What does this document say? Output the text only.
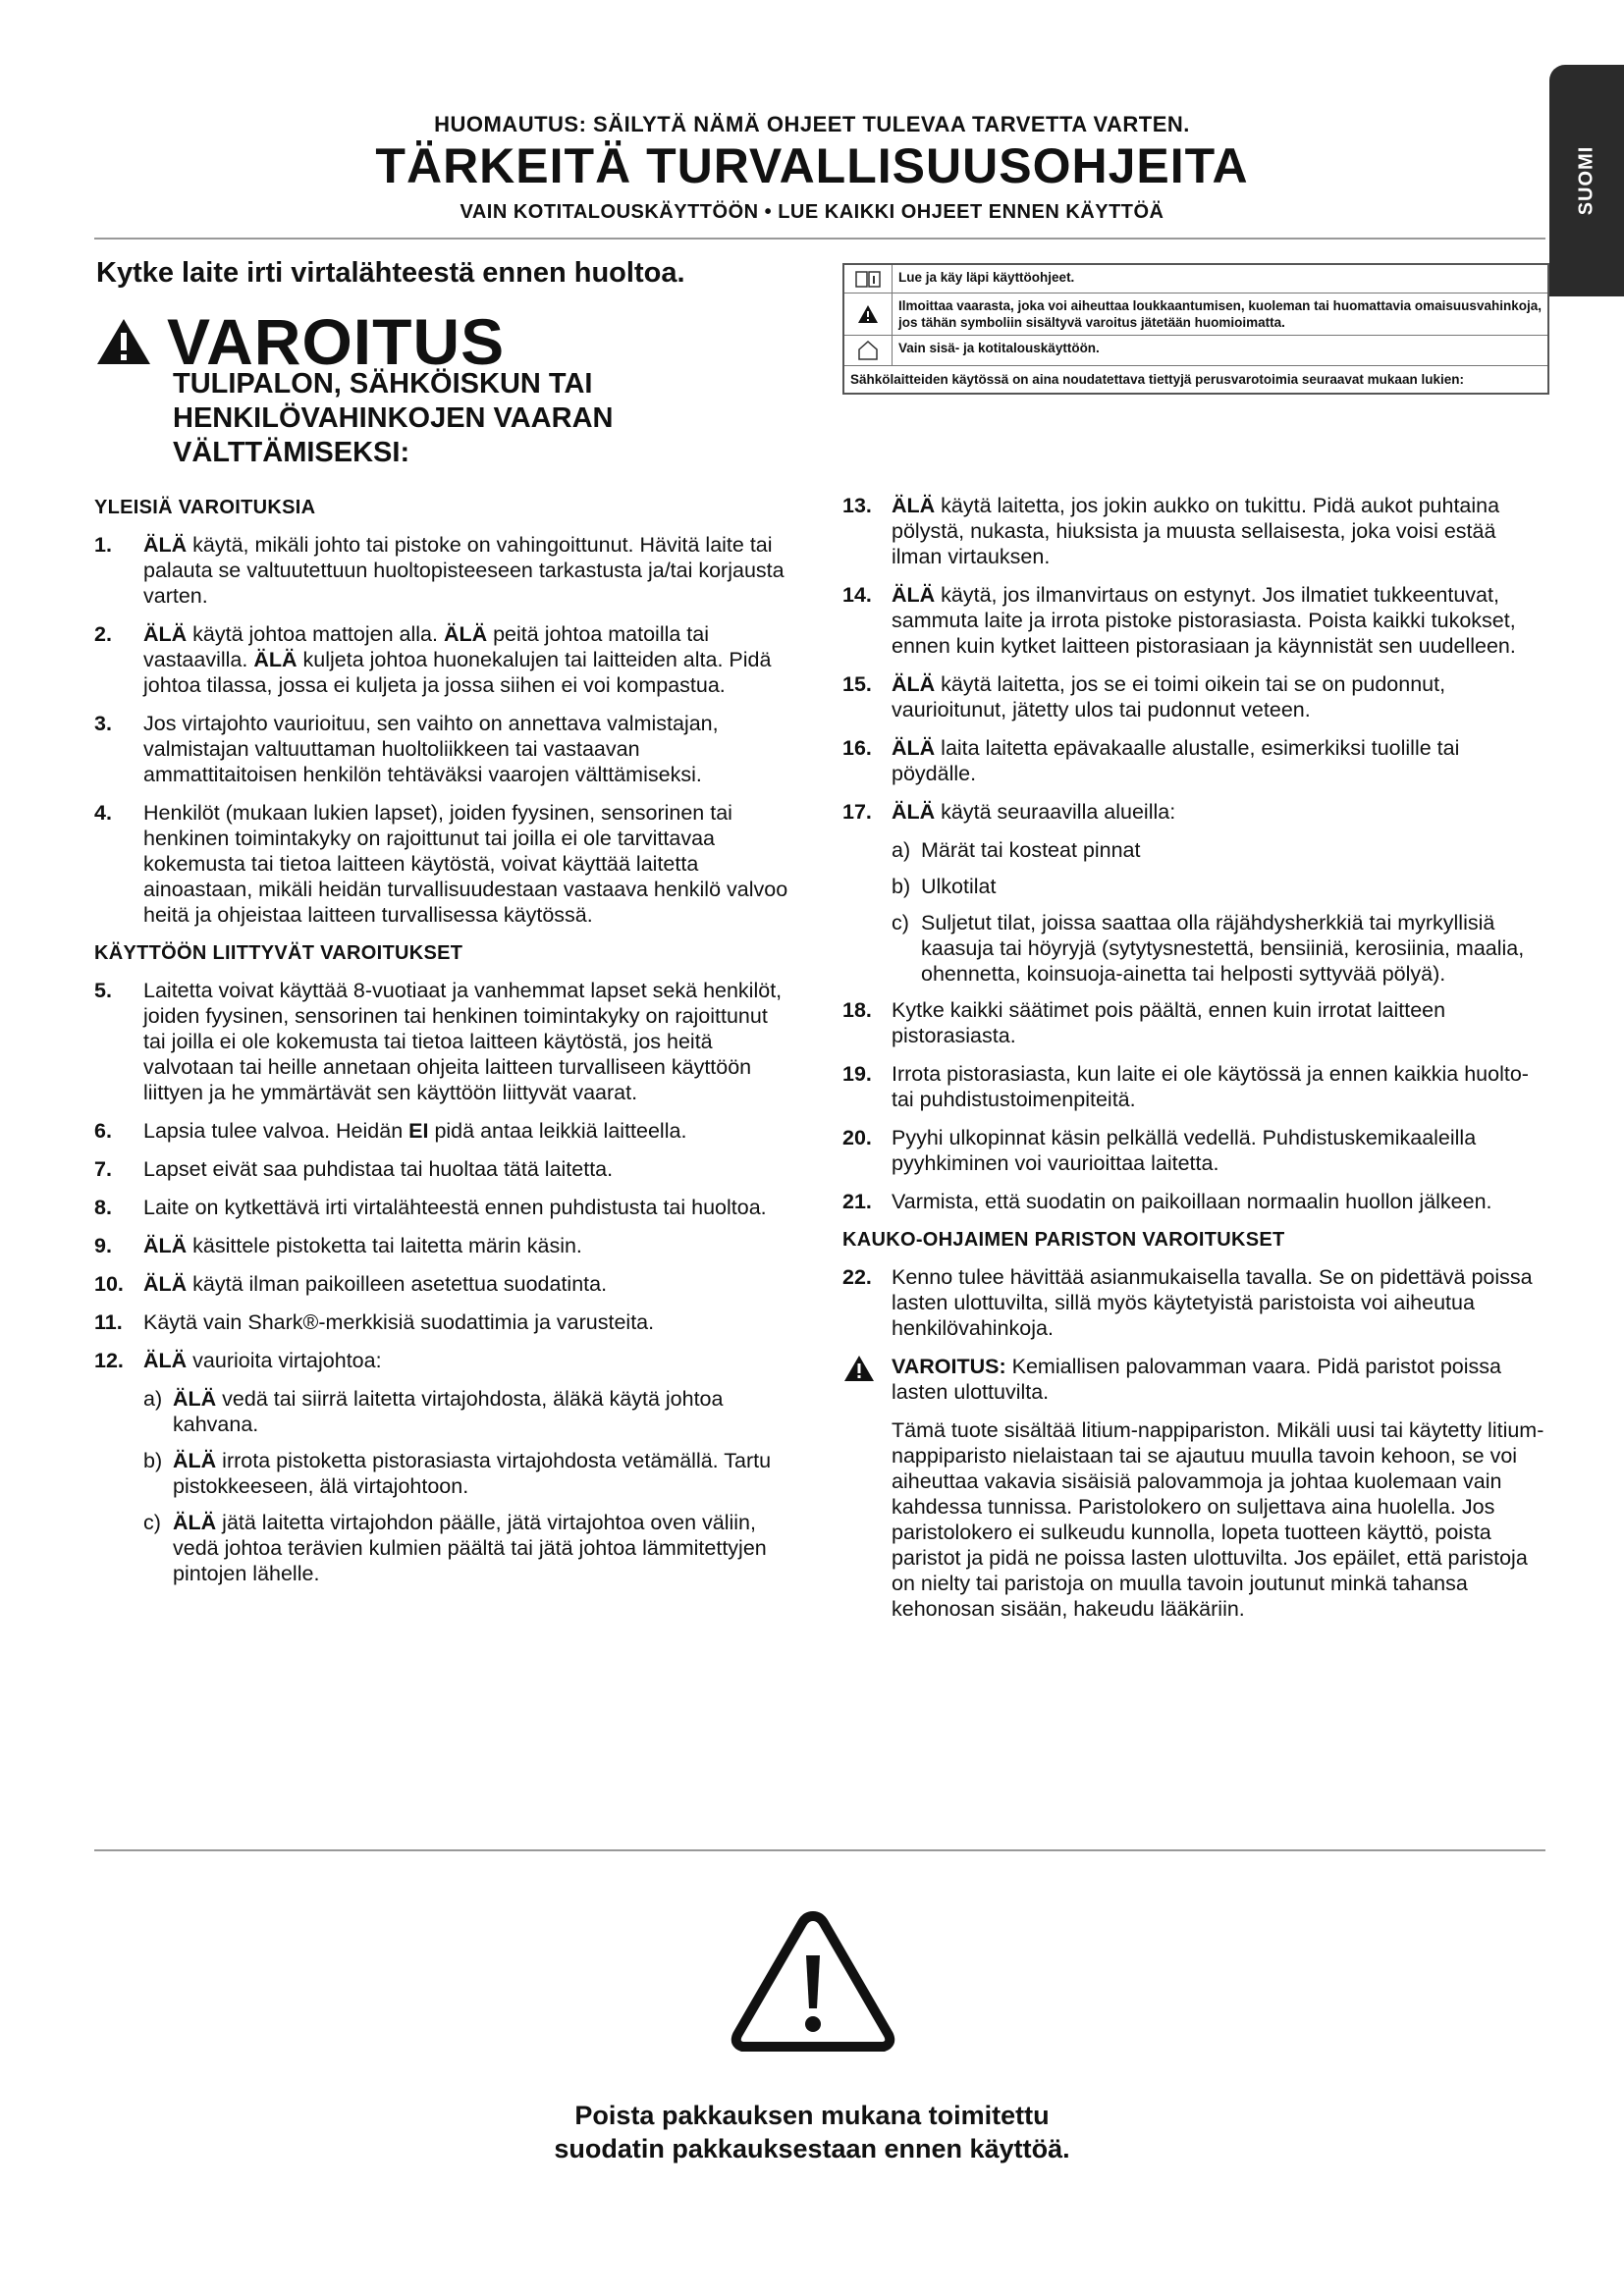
SUOMI
HUOMAUTUS: SÄILYTÄ NÄMÄ OHJEET TULEVAA TARVETTA VARTEN.
TÄRKEITÄ TURVALLISUUSOHJEITA
VAIN KOTITALOUSKÄYTTÖÖN • LUE KAIKKI OHJEET ENNEN KÄYTTÖÄ
Kytke laite irti virtalähteestä ennen huoltoa.
VAROITUS
TULIPALON, SÄHKÖISKUN TAI HENKILÖVAHINKOJEN VAARAN VÄLTTÄMISEKSI:
Lue ja käy läpi käyttöohjeet.
Ilmoittaa vaarasta, joka voi aiheuttaa loukkaantumisen, kuoleman tai huomattavia omaisuusvahinkoja, jos tähän symboliin sisältyvä varoitus jätetään huomioimatta.
Vain sisä- ja kotitalouskäyttöön.
Sähkölaitteiden käytössä on aina noudatettava tiettyjä perusvarotoimia seuraavat mukaan lukien:
YLEISIÄ VAROITUKSIA
1.	ÄLÄ käytä, mikäli johto tai pistoke on vahingoittunut. Hävitä laite tai palauta se valtuutettuun huoltopisteeseen tarkastusta ja/tai korjausta varten.
2.	ÄLÄ käytä johtoa mattojen alla. ÄLÄ peitä johtoa matoilla tai vastaavilla. ÄLÄ kuljeta johtoa huonekalujen tai laitteiden alta. Pidä johtoa tilassa, jossa ei kuljeta ja jossa siihen ei voi kompastua.
3.	Jos virtajohto vaurioituu, sen vaihto on annettava valmistajan, valmistajan valtuuttaman huoltoliikkeen tai vastaavan ammattitaitoisen henkilön tehtäväksi vaarojen välttämiseksi.
4.	Henkilöt (mukaan lukien lapset), joiden fyysinen, sensorinen tai henkinen toimintakyky on rajoittunut tai joilla ei ole tarvittavaa kokemusta tai tietoa laitteen käytöstä, voivat käyttää laitetta ainoastaan, mikäli heidän turvallisuudestaan vastaava henkilö valvoo heitä ja ohjeistaa laitteen turvallisessa käytössä.
KÄYTTÖÖN LIITTYVÄT VAROITUKSET
5.	Laitetta voivat käyttää 8-vuotiaat ja vanhemmat lapset sekä henkilöt, joiden fyysinen, sensorinen tai henkinen toimintakyky on rajoittunut tai joilla ei ole kokemusta tai tietoa laitteen käytöstä, jos heitä valvotaan tai heille annetaan ohjeita laitteen turvalliseen käyttöön liittyen ja he ymmärtävät sen käyttöön liittyvät vaarat.
6.	Lapsia tulee valvoa. Heidän EI pidä antaa leikkiä laitteella.
7.	Lapset eivät saa puhdistaa tai huoltaa tätä laitetta.
8.	Laite on kytkettävä irti virtalähteestä ennen puhdistusta tai huoltoa.
9.	ÄLÄ käsittele pistoketta tai laitetta märin käsin.
10. ÄLÄ käytä ilman paikoilleen asetettua suodatinta.
11. Käytä vain Shark®-merkkisiä suodattimia ja varusteita.
12. ÄLÄ vaurioita virtajohtoa:
a) ÄLÄ vedä tai siirrä laitetta virtajohdosta, äläkä käytä johtoa kahvana.
b) ÄLÄ irrota pistoketta pistorasiasta virtajohdosta vetämällä. Tartu pistokkeeseen, älä virtajohtoon.
c) ÄLÄ jätä laitetta virtajohdon päälle, jätä virtajohtoa oven väliin, vedä johtoa terävien kulmien päältä tai jätä johtoa lämmitettyjen pintojen lähelle.
13. ÄLÄ käytä laitetta, jos jokin aukko on tukittu. Pidä aukot puhtaina pölystä, nukasta, hiuksista ja muusta sellaisesta, joka voisi estää ilman virtauksen.
14. ÄLÄ käytä, jos ilmanvirtaus on estynyt. Jos ilmatiet tukkeentuvat, sammuta laite ja irrota pistoke pistorasiasta. Poista kaikki tukokset, ennen kuin kytket laitteen pistorasiaan ja käynnistät sen uudelleen.
15. ÄLÄ käytä laitetta, jos se ei toimi oikein tai se on pudonnut, vaurioitunut, jätetty ulos tai pudonnut veteen.
16. ÄLÄ laita laitetta epävakaalle alustalle, esimerkiksi tuolille tai pöydälle.
17. ÄLÄ käytä seuraavilla alueilla:
a) Märät tai kosteat pinnat
b) Ulkotilat
c) Suljetut tilat, joissa saattaa olla räjähdysherkkiä tai myrkyllisiä kaasuja tai höyryjä (sytytysnestettä, bensiiniä, kerosiinia, maalia, ohennetta, koinsuoja-ainetta tai helposti syttyvää pölyä).
18. Kytke kaikki säätimet pois päältä, ennen kuin irrotat laitteen pistorasiasta.
19. Irrota pistorasiasta, kun laite ei ole käytössä ja ennen kaikkia huolto- tai puhdistustoimenpiteitä.
20. Pyyhi ulkopinnat käsin pelkällä vedellä. Puhdistuskemikaaleilla pyyhkiminen voi vaurioittaa laitetta.
21. Varmista, että suodatin on paikoillaan normaalin huollon jälkeen.
KAUKO-OHJAIMEN PARISTON VAROITUKSET
22. Kenno tulee hävittää asianmukaisella tavalla. Se on pidettävä poissa lasten ulottuvilta, sillä myös käytetyistä paristoista voi aiheutua henkilövahinkoja.
VAROITUS: Kemiallisen palovamman vaara. Pidä paristot poissa lasten ulottuvilta.
Tämä tuote sisältää litium-nappipariston. Mikäli uusi tai käytetty litium-nappiparisto nielaistaan tai se ajautuu muulla tavoin kehoon, se voi aiheuttaa vakavia sisäisiä palovammoja ja johtaa kuolemaan vain kahdessa tunnissa. Paristolokero on suljettava aina huolella. Jos paristolokero ei sulkeudu kunnolla, lopeta tuotteen käyttö, poista paristot ja pidä ne poissa lasten ulottuvilta. Jos epäilet, että paristoja on nielty tai paristoja on muulla tavoin joutunut minkä tahansa kehonosan sisään, hakeudu lääkäriin.
Poista pakkauksen mukana toimitettu
suodatin pakkauksestaan ennen käyttöä.
